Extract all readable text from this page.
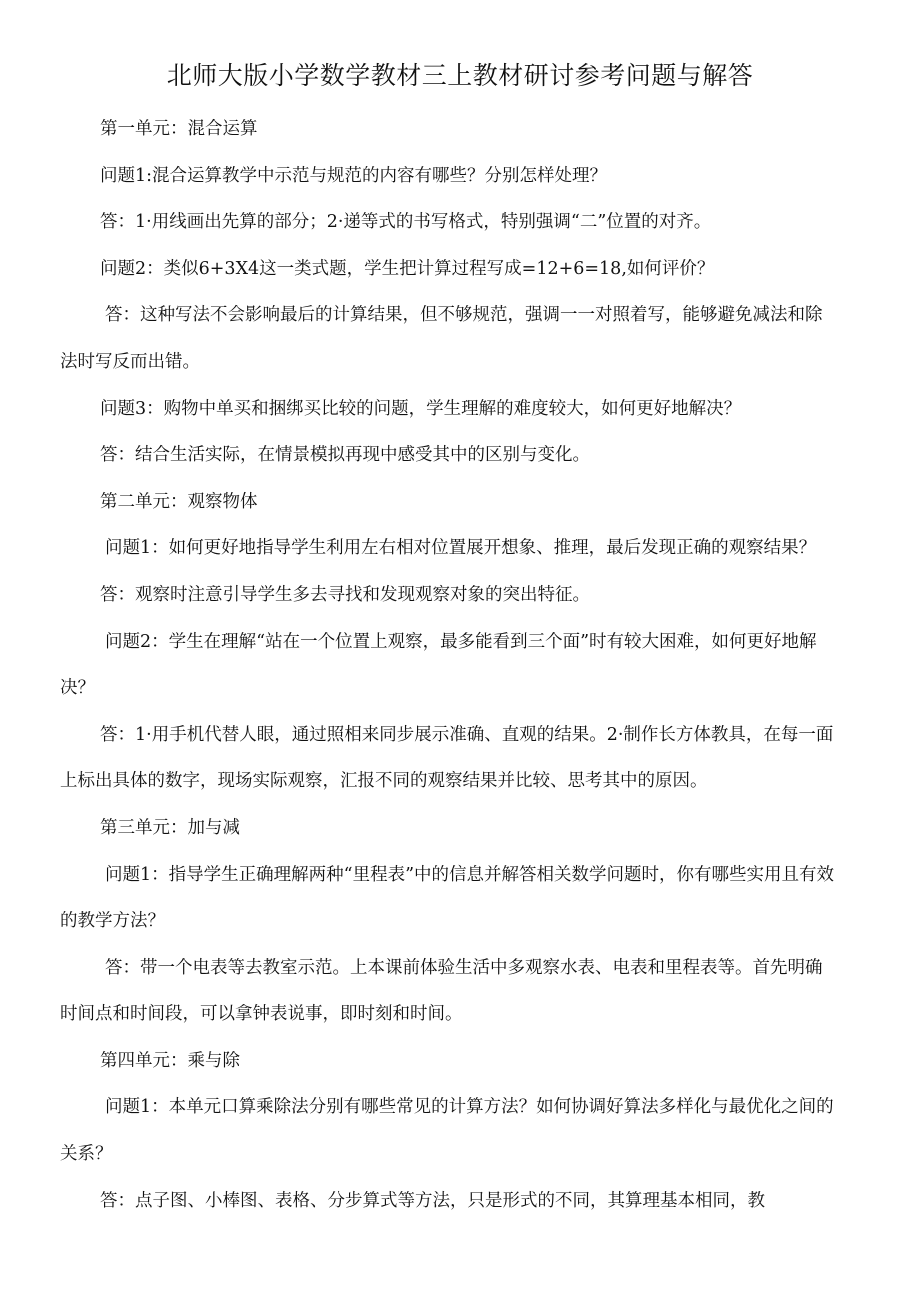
北师大版小学数学教材三上教材研讨参考问题与解答

第一单元：混合运算

问题1:混合运算教学中示范与规范的内容有哪些？分别怎样处理？

答：1·用线画出先算的部分；2·递等式的书写格式，特别强调“二”位置的对齐。

问题2：类似6+3X4这一类式题，学生把计算过程写成=12+6=18,如何评价？

答：这种写法不会影响最后的计算结果，但不够规范，强调一一对照着写，能够避免减法和除法时写反而出错。

问题3：购物中单买和捆绑买比较的问题，学生理解的难度较大，如何更好地解决？

答：结合生活实际，在情景模拟再现中感受其中的区别与变化。

第二单元：观察物体

问题1：如何更好地指导学生利用左右相对位置展开想象、推理，最后发现正确的观察结果？

答：观察时注意引导学生多去寻找和发现观察对象的突出特征。

问题2：学生在理解“站在一个位置上观察，最多能看到三个面”时有较大困难，如何更好地解决？

答：1·用手机代替人眼，通过照相来同步展示准确、直观的结果。2·制作长方体教具，在每一面上标出具体的数字，现场实际观察，汇报不同的观察结果并比较、思考其中的原因。

第三单元：加与减

问题1：指导学生正确理解两种“里程表”中的信息并解答相关数学问题时，你有哪些实用且有效的教学方法？

答：带一个电表等去教室示范。上本课前体验生活中多观察水表、电表和里程表等。首先明确时间点和时间段，可以拿钟表说事，即时刻和时间。

第四单元：乘与除

问题1：本单元口算乘除法分别有哪些常见的计算方法？如何协调好算法多样化与最优化之间的关系？

答：点子图、小棒图、表格、分步算式等方法，只是形式的不同，其算理基本相同，教
